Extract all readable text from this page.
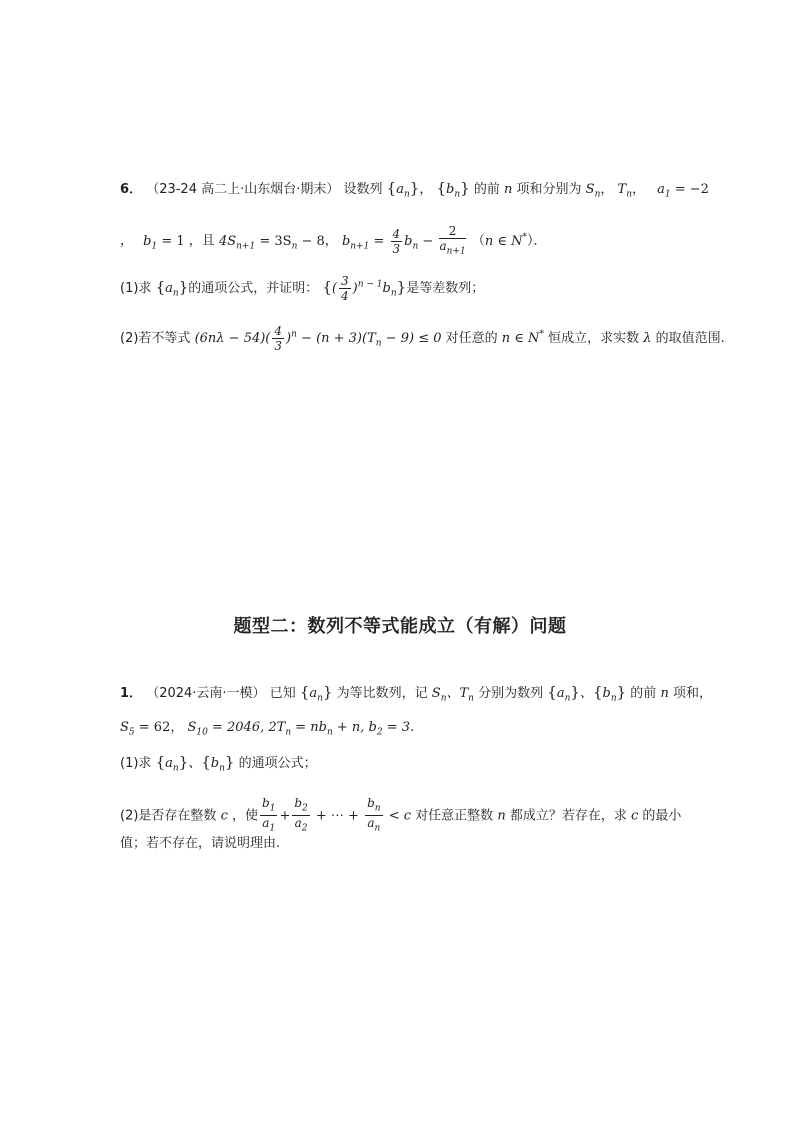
6． （23-24 高二上·山东烟台·期末） 设数列 $\{a_n\}$， $\{b_n\}$ 的前 n 项和分别为 $S_n$， $T_n$， $a_1 = -2$
， $b_1 = 1$ ，且 $4S_{n+1} = 3S_n - 8$， $b_{n+1} = \frac{4}{3} b_n - \frac{2}{a_{n+1}} (n$ ∈ N*）．
(1)求 $\{a_n\}$的通项公式，并证明： {( $\frac{3}{4} )^{n - 1}b_n$}是等差数列；
(2)若不等式 $(6n\lambda - 54)( \frac{4}{3} )^n - (n + 3)(T_n - 9) \le 0$ 对任意的 n ∈ N* 恒成立，求实数 λ 的取值范围.
题型二：数列不等式能成立（有解）问题
1． （2024·云南·一模） 已知 $\{a_n\}$ 为等比数列，记 $S_n$、$T_n$ 分别为数列 $\{a_n\}$、$\{b_n\}$ 的前 n 项和，
$S_5 = 62$， $S_{10} = 2046$, $2T_n = nb_n + n$, $b_2 = 3$.
(1)求 $\{a_n\}$、$\{b_n\}$ 的通项公式；
(2)是否存在整数 c ，使 $\frac{b_1}{a_1} + \frac{b_2}{a_2}$ + ⋯ + $\frac{b_n}{a_n} < c$ 对任意正整数 n 都成立？若存在，求 c 的最小
值；若不存在，请说明理由.
